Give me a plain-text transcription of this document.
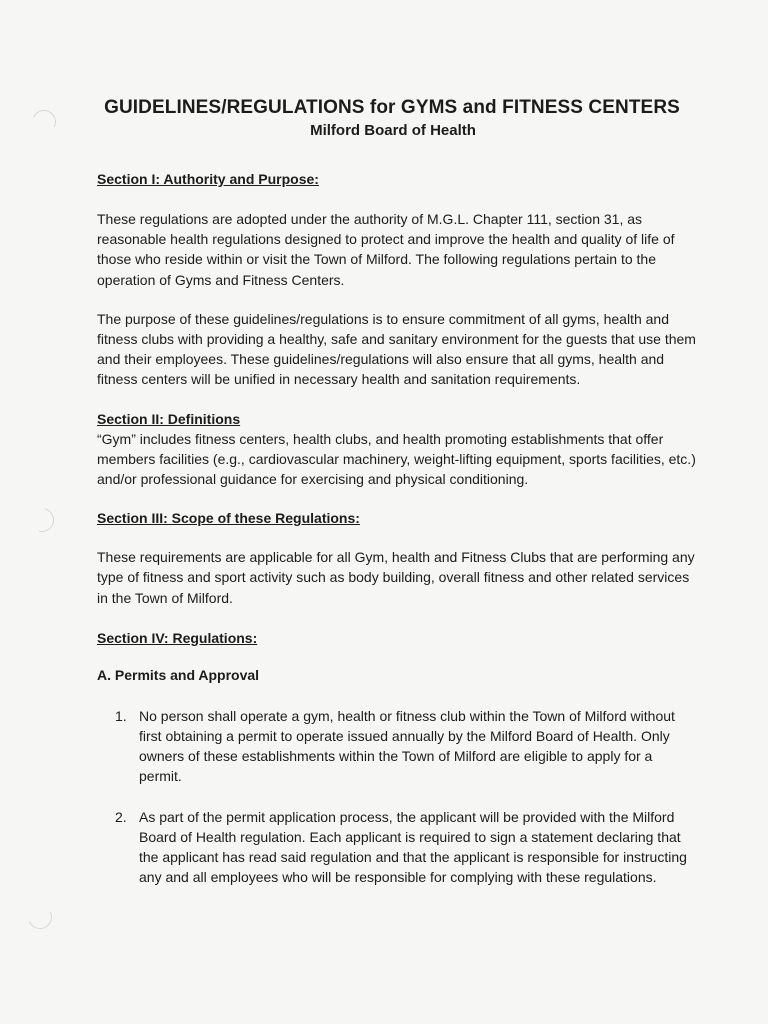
GUIDELINES/REGULATIONS for GYMS and FITNESS CENTERS
Milford Board of Health
Section I: Authority and Purpose:

These regulations are adopted under the authority of M.G.L. Chapter 111, section 31, as reasonable health regulations designed to protect and improve the health and quality of life of those who reside within or visit the Town of Milford. The following regulations pertain to the operation of Gyms and Fitness Centers.

The purpose of these guidelines/regulations is to ensure commitment of all gyms, health and fitness clubs with providing a healthy, safe and sanitary environment for the guests that use them and their employees. These guidelines/regulations will also ensure that all gyms, health and fitness centers will be unified in necessary health and sanitation requirements.

Section II: Definitions

“Gym” includes fitness centers, health clubs, and health promoting establishments that offer members facilities (e.g., cardiovascular machinery, weight-lifting equipment, sports facilities, etc.) and/or professional guidance for exercising and physical conditioning.

Section III: Scope of these Regulations:

These requirements are applicable for all Gym, health and Fitness Clubs that are performing any type of fitness and sport activity such as body building, overall fitness and other related services in the Town of Milford.

Section IV: Regulations:
A. Permits and Approval
1. No person shall operate a gym, health or fitness club within the Town of Milford without first obtaining a permit to operate issued annually by the Milford Board of Health. Only owners of these establishments within the Town of Milford are eligible to apply for a permit.
2. As part of the permit application process, the applicant will be provided with the Milford Board of Health regulation. Each applicant is required to sign a statement declaring that the applicant has read said regulation and that the applicant is responsible for instructing any and all employees who will be responsible for complying with these regulations.
